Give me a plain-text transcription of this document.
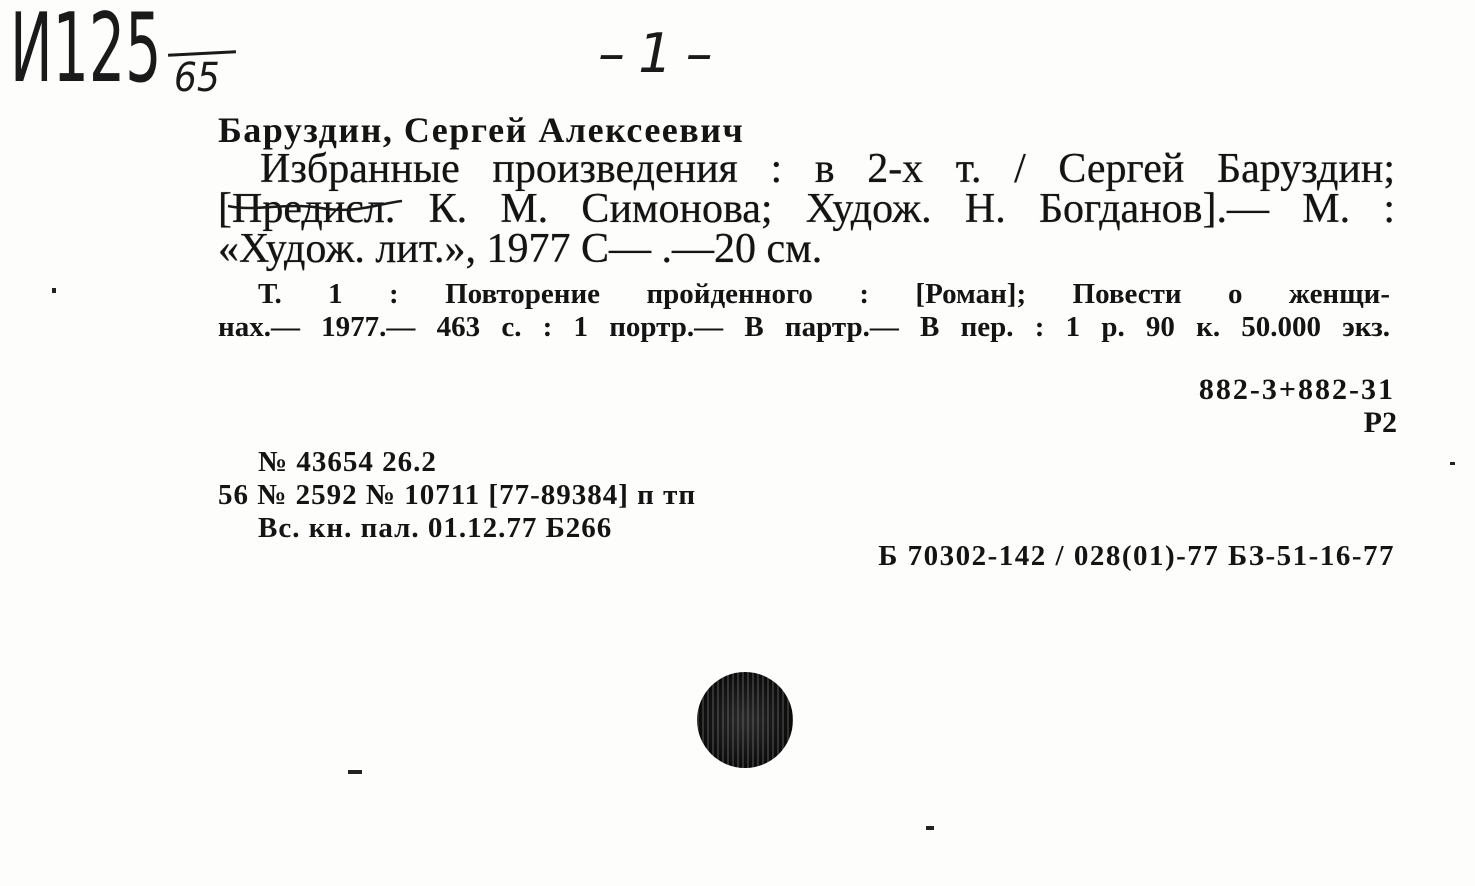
И125 65	– 1 –
Баруздин, Сергей Алексеевич
Избранные произведения : в 2-х т. / Сергей Баруздин;
[Предисл. К. М. Симонова; Худож. Н. Богданов].— М. :
«Худож. лит.», 1977 С— .—20 см.
Т. 1 : Повторение пройденного : [Роман]; Повести о женщи-
нах.— 1977.— 463 с. : 1 портр.— В партр.— В пер. : 1 р. 90 к. 50.000 экз.
882-3+882-31
Р2
№ 43654 26.2
56 № 2592 № 10711 [77-89384] п тп
Вс. кн. пал. 01.12.77 Б266
Б 70302-142 / 028(01)-77 БЗ-51-16-77
